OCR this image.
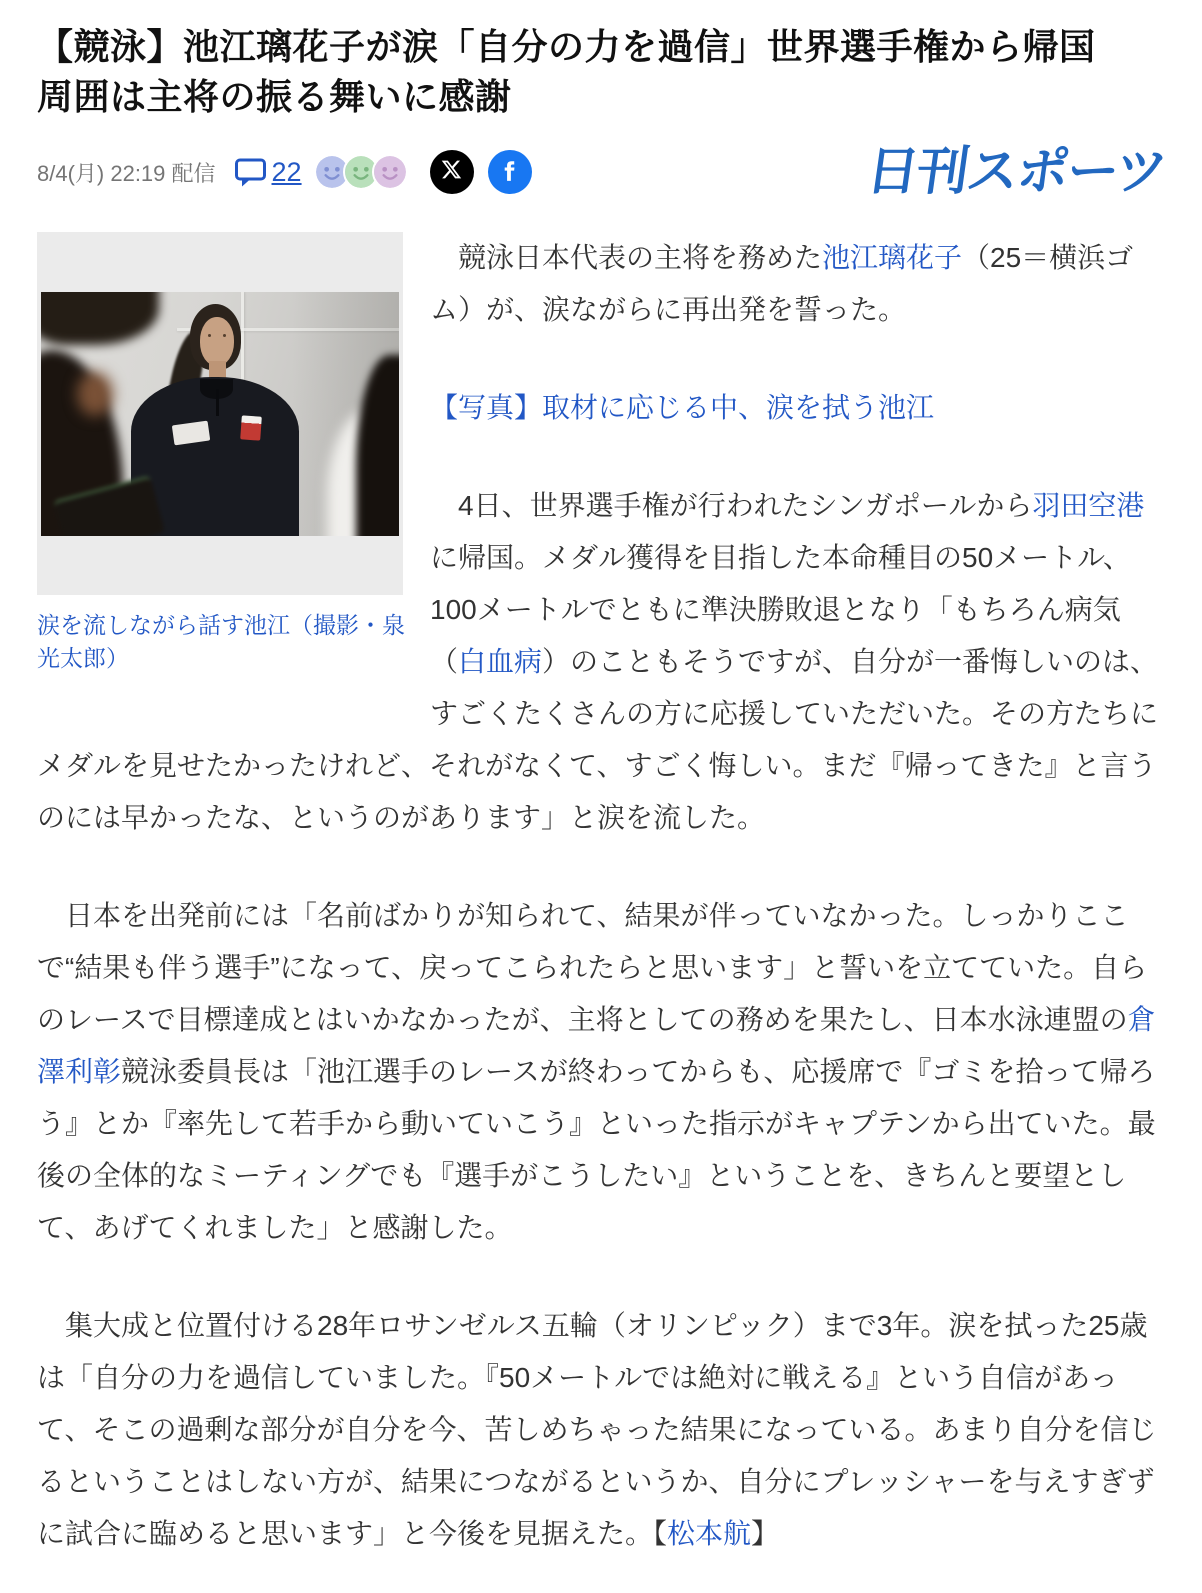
【競泳】池江璃花子が涙「自分の力を過信」世界選手権から帰国
周囲は主将の振る舞いに感謝
8/4(月) 22:19 配信 22	日刊スポーツ
涙を流しながら話す池江（撮影・泉光太郎）

　競泳日本代表の主将を務めた池江璃花子（25＝横浜ゴム）が、涙ながらに再出発を誓った。

【写真】取材に応じる中、涙を拭う池江

　4日、世界選手権が行われたシンガポールから羽田空港に帰国。メダル獲得を目指した本命種目の50メートル、100メートルでともに準決勝敗退となり「もちろん病気（白血病）のこともそうですが、自分が一番悔しいのは、すごくたくさんの方に応援していただいた。その方たちにメダルを見せたかったけれど、それがなくて、すごく悔しい。まだ『帰ってきた』と言うのには早かったな、というのがあります」と涙を流した。

　日本を出発前には「名前ばかりが知られて、結果が伴っていなかった。しっかりここで“結果も伴う選手”になって、戻ってこられたらと思います」と誓いを立てていた。自らのレースで目標達成とはいかなかったが、主将としての務めを果たし、日本水泳連盟の倉澤利彰競泳委員長は「池江選手のレースが終わってからも、応援席で『ゴミを拾って帰ろう』とか『率先して若手から動いていこう』といった指示がキャプテンから出ていた。最後の全体的なミーティングでも『選手がこうしたい』ということを、きちんと要望として、あげてくれました」と感謝した。

　集大成と位置付ける28年ロサンゼルス五輪（オリンピック）まで3年。涙を拭った25歳は「自分の力を過信していました。『50メートルでは絶対に戦える』という自信があって、そこの過剰な部分が自分を今、苦しめちゃった結果になっている。あまり自分を信じるということはしない方が、結果につながるというか、自分にプレッシャーを与えすぎずに試合に臨めると思います」と今後を見据えた。【松本航】
